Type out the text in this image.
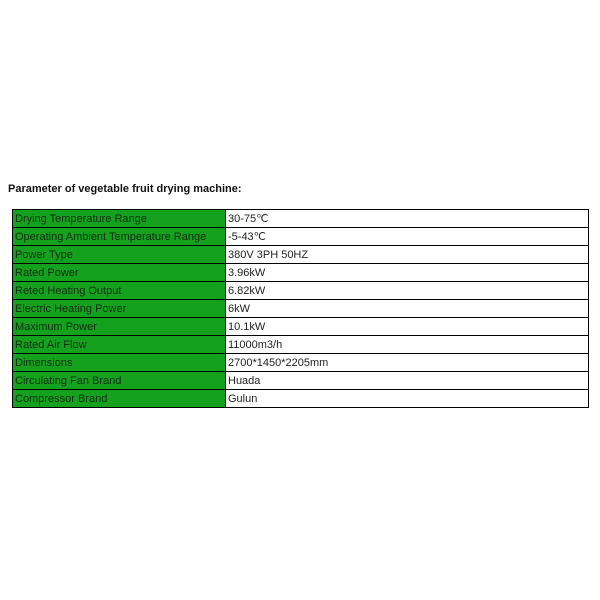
Parameter of vegetable fruit drying machine:
Drying Temperature Range	30-75℃
Operating Ambient Temperature Range	-5-43℃
Power Type	380V 3PH 50HZ
Rated Power	3.96kW
Reted Heating Output	6.82kW
Electric Heating Power	6kW
Maximum Power	10.1kW
Rated Air Flow	11000m3/h
Dimensions	2700*1450*2205mm
Circulating Fan Brand	Huada
Compressor Brand	Gulun
